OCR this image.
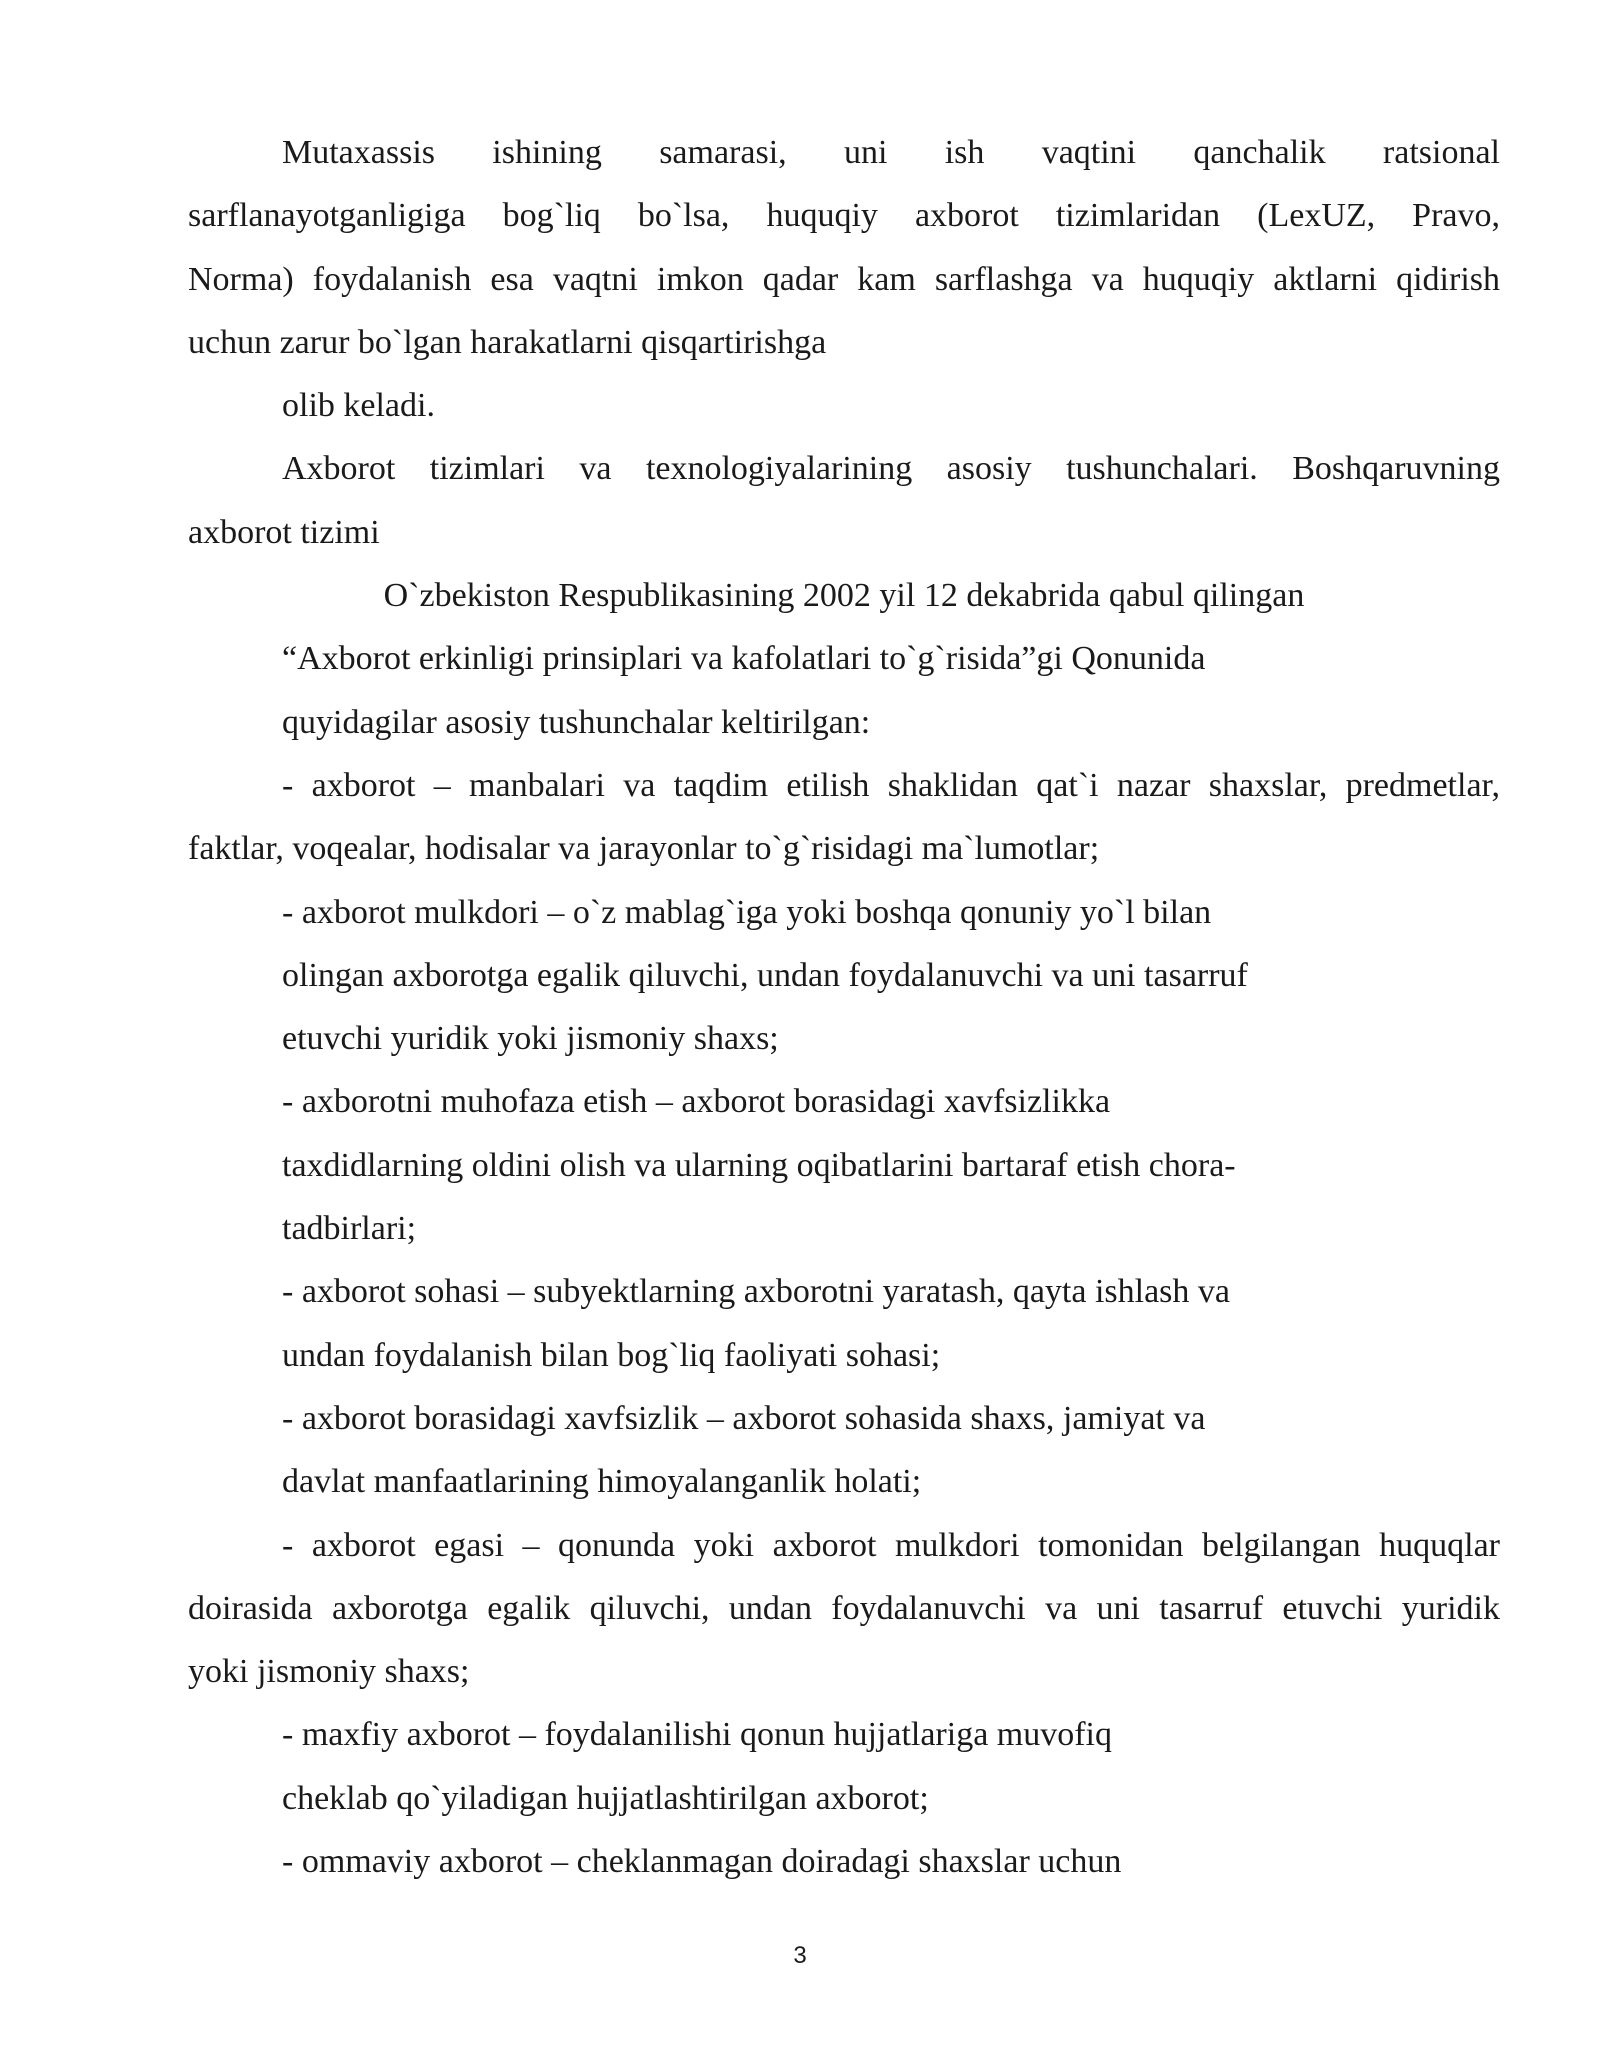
Mutaxassis ishining samarasi, uni ish vaqtini qanchalik ratsional
sarflanayotganligiga bog`liq bo`lsa, huquqiy axborot tizimlaridan (LexUZ, Pravo,
Norma) foydalanish esa vaqtni imkon qadar kam sarflashga va huquqiy aktlarni qidirish
uchun zarur bo`lgan harakatlarni qisqartirishga
olib keladi.
Axborot tizimlari va texnologiyalarining asosiy tushunchalari. Boshqaruvning
axborot tizimi
O`zbekiston Respublikasining 2002 yil 12 dekabrida qabul qilingan
“Axborot erkinligi prinsiplari va kafolatlari to`g`risida”gi Qonunida
quyidagilar asosiy tushunchalar keltirilgan:
- axborot – manbalari va taqdim etilish shaklidan qat`i nazar shaxslar, predmetlar,
faktlar, voqealar, hodisalar va jarayonlar to`g`risidagi ma`lumotlar;
- axborot mulkdori – o`z mablag`iga yoki boshqa qonuniy yo`l bilan
olingan axborotga egalik qiluvchi, undan foydalanuvchi va uni tasarruf
etuvchi yuridik yoki jismoniy shaxs;
- axborotni muhofaza etish – axborot borasidagi xavfsizlikka
taxdidlarning oldini olish va ularning oqibatlarini bartaraf etish chora-
tadbirlari;
- axborot sohasi – subyektlarning axborotni yaratash, qayta ishlash va
undan foydalanish bilan bog`liq faoliyati sohasi;
- axborot borasidagi xavfsizlik – axborot sohasida shaxs, jamiyat va
davlat manfaatlarining himoyalanganlik holati;
- axborot egasi – qonunda yoki axborot mulkdori tomonidan belgilangan huquqlar
doirasida axborotga egalik qiluvchi, undan foydalanuvchi va uni tasarruf etuvchi yuridik
yoki jismoniy shaxs;
- maxfiy axborot – foydalanilishi qonun hujjatlariga muvofiq
cheklab qo`yiladigan hujjatlashtirilgan axborot;
- ommaviy axborot – cheklanmagan doiradagi shaxslar uchun
3
